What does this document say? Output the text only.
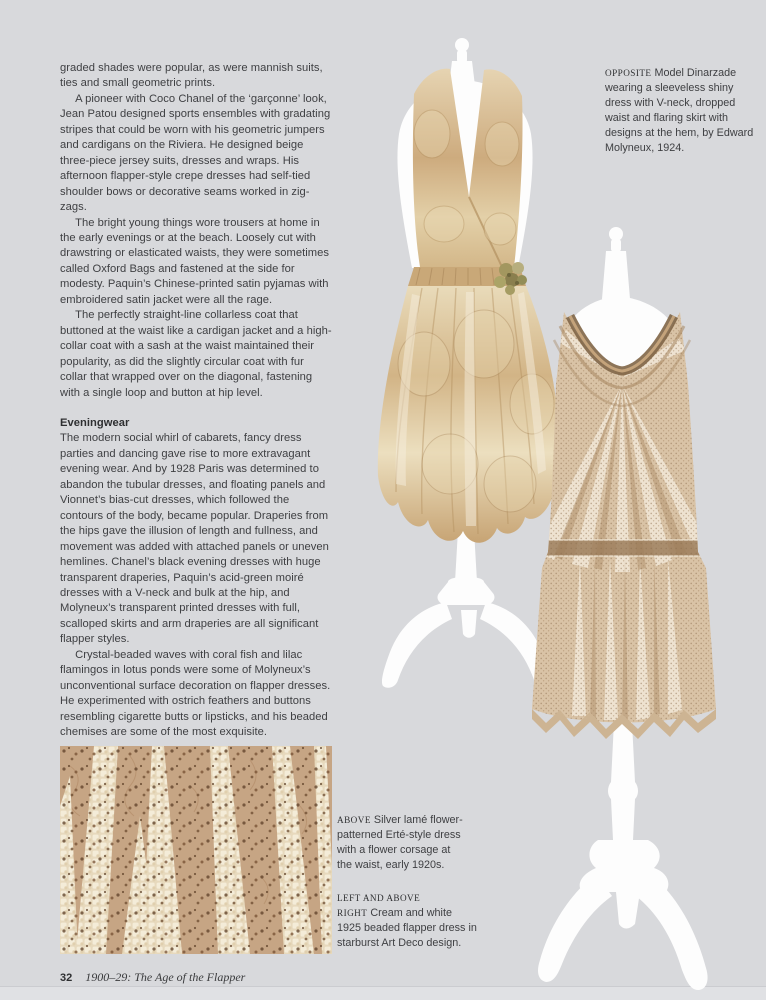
graded shades were popular, as were mannish suits, ties and small geometric prints.

A pioneer with Coco Chanel of the ‘garçonne’ look, Jean Patou designed sports ensembles with gradating stripes that could be worn with his geometric jumpers and cardigans on the Riviera. He designed beige three-piece jersey suits, dresses and wraps. His afternoon flapper-style crepe dresses had self-tied shoulder bows or decorative seams worked in zig-zags.

The bright young things wore trousers at home in the early evenings or at the beach. Loosely cut with drawstring or elasticated waists, they were sometimes called Oxford Bags and fastened at the side for modesty. Paquin’s Chinese-printed satin pyjamas with embroidered satin jacket were all the rage.

The perfectly straight-line collarless coat that buttoned at the waist like a cardigan jacket and a high-collar coat with a sash at the waist maintained their popularity, as did the slightly circular coat with fur collar that wrapped over on the diagonal, fastening with a single loop and button at hip level.

Eveningwear

The modern social whirl of cabarets, fancy dress parties and dancing gave rise to more extravagant evening wear. And by 1928 Paris was determined to abandon the tubular dresses, and floating panels and Vionnet’s bias-cut dresses, which followed the contours of the body, became popular. Draperies from the hips gave the illusion of length and fullness, and movement was added with attached panels or uneven hemlines. Chanel’s black evening dresses with huge transparent draperies, Paquin’s acid-green moiré dresses with a V-neck and bulk at the hip, and Molyneux’s transparent printed dresses with full, scalloped skirts and arm draperies are all significant flapper styles.

Crystal-beaded waves with coral fish and lilac flamingos in lotus ponds were some of Molyneux’s unconventional surface decoration on flapper dresses. He experimented with ostrich feathers and buttons resembling cigarette butts or lipsticks, and his beaded chemises are some of the most exquisite.

OPPOSITE Model Dinarzade wearing a sleeveless shiny dress with V-neck, dropped waist and flaring skirt with designs at the hem, by Edward Molyneux, 1924.
ABOVE Silver lamé flower-patterned Erté-style dress with a flower corsage at the waist, early 1920s.
LEFT AND ABOVE RIGHT Cream and white 1925 beaded flapper dress in starburst Art Deco design.
32 1900–29: The Age of the Flapper
